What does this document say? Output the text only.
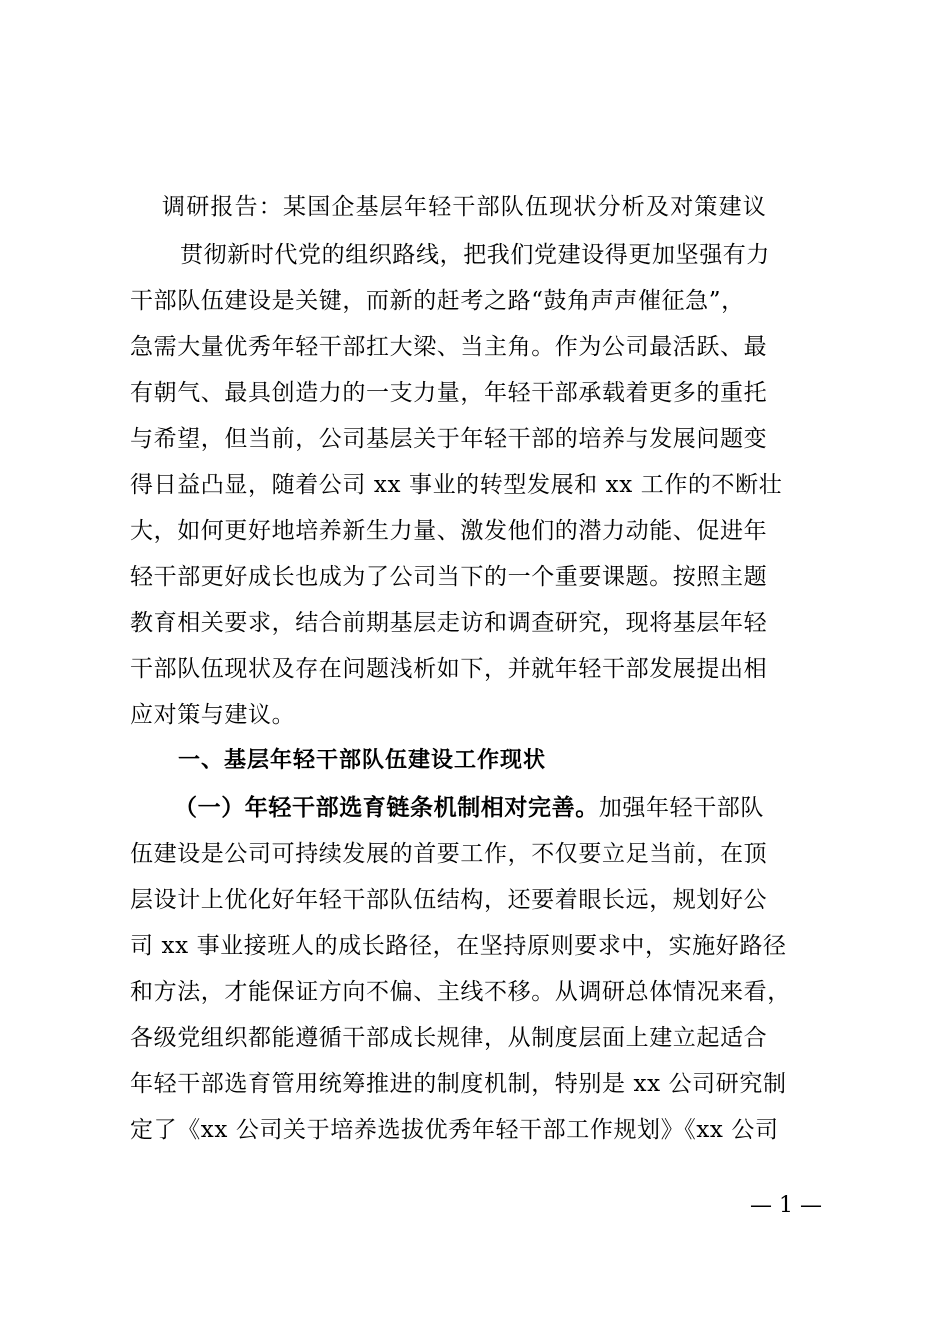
调研报告：某国企基层年轻干部队伍现状分析及对策建议
贯彻新时代党的组织路线，把我们党建设得更加坚强有力
干部队伍建设是关键，而新的赶考之路“鼓角声声催征急”，
急需大量优秀年轻干部扛大梁、当主角。作为公司最活跃、最
有朝气、最具创造力的一支力量，年轻干部承载着更多的重托
与希望，但当前，公司基层关于年轻干部的培养与发展问题变
得日益凸显，随着公司 xx 事业的转型发展和 xx 工作的不断壮
大，如何更好地培养新生力量、激发他们的潜力动能、促进年
轻干部更好成长也成为了公司当下的一个重要课题。按照主题
教育相关要求，结合前期基层走访和调查研究，现将基层年轻
干部队伍现状及存在问题浅析如下，并就年轻干部发展提出相
应对策与建议。
一、基层年轻干部队伍建设工作现状
（一）年轻干部选育链条机制相对完善。加强年轻干部队
伍建设是公司可持续发展的首要工作，不仅要立足当前，在顶
层设计上优化好年轻干部队伍结构，还要着眼长远，规划好公
司 xx 事业接班人的成长路径，在坚持原则要求中，实施好路径
和方法，才能保证方向不偏、主线不移。从调研总体情况来看，
各级党组织都能遵循干部成长规律，从制度层面上建立起适合
年轻干部选育管用统筹推进的制度机制，特别是 xx 公司研究制
定了《xx 公司关于培养选拔优秀年轻干部工作规划》《xx 公司
— 1 —
